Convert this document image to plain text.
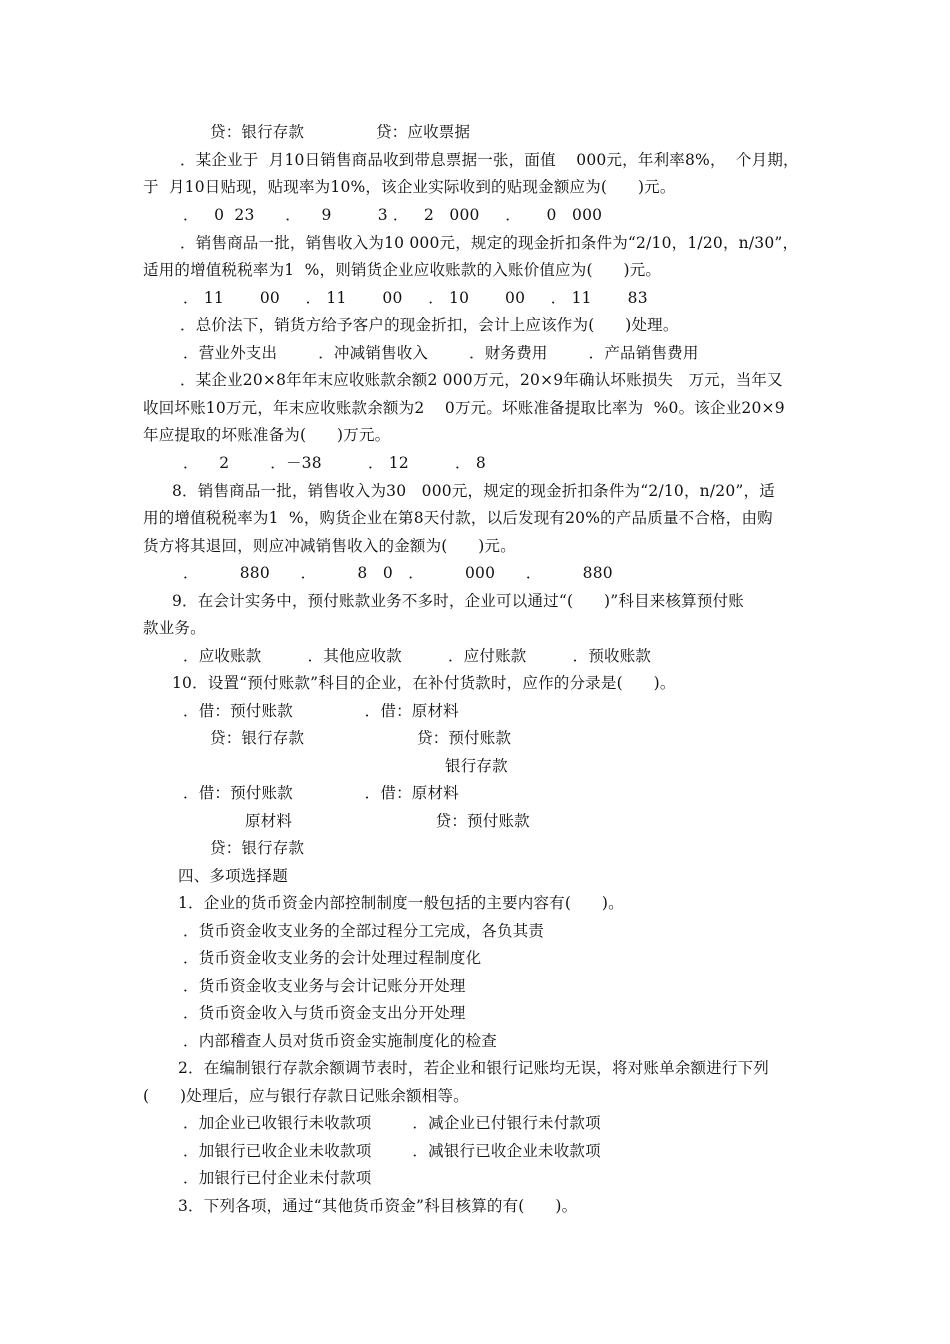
贷：银行存款              贷：应收票据
．某企业于  月10日销售商品收到带息票据一张，面值    000元，年利率8%，  个月期，
于  月10日贴现，贴现率为10%，该企业实际收到的贴现金额应为(      )元。
．   0  23      ．    9         3 ．   2   000     ．     0   000
．销售商品一批，销售收入为10 000元，规定的现金折扣条件为“2/10，1/20，n/30”，
适用的增值税税率为1  %，则销货企业应收账款的入账价值应为(      )元。
． 11       00     ． 11       00     ． 10       00     ． 11       83
．总价法下，销货方给予客户的现金折扣，会计上应该作为(      )处理。
．营业外支出        ．冲减销售收入        ．财务费用        ．产品销售费用
．某企业20×8年年末应收账款余额2 000万元，20×9年确认坏账损失   万元，当年又
收回坏账10万元，年末应收账款余额为2    0万元。坏账准备提取比率为  %0。该企业20×9
年应提取的坏账准备为(      )万元。
．    2        ．－38         ． 12         ． 8
8．销售商品一批，销售收入为30   000元，规定的现金折扣条件为“2/10，n/20”，适
用的增值税税率为1  %，购货企业在第8天付款，以后发现有20%的产品质量不合格，由购
货方将其退回，则应冲减销售收入的金额为(      )元。
．        880      ．        8   0   ．        000      ．        880
9．在会计实务中，预付账款业务不多时，企业可以通过“(      )”科目来核算预付账
款业务。
．应收账款         ．其他应收款         ．应付账款         ．预收账款
10．设置“预付账款”科目的企业，在补付货款时，应作的分录是(      )。
．借：预付账款              ．借：原材料
贷：银行存款                      贷：预付账款
银行存款
．借：预付账款              ．借：原材料
原材料                            贷：预付账款
贷：银行存款
四、多项选择题
1．企业的货币资金内部控制制度一般包括的主要内容有(      )。
．货币资金收支业务的全部过程分工完成，各负其责
．货币资金收支业务的会计处理过程制度化
．货币资金收支业务与会计记账分开处理
．货币资金收入与货币资金支出分开处理
．内部稽查人员对货币资金实施制度化的检查
2．在编制银行存款余额调节表时，若企业和银行记账均无误，将对账单余额进行下列
(      )处理后，应与银行存款日记账余额相等。
．加企业已收银行未收款项        ．减企业已付银行未付款项
．加银行已收企业未收款项        ．减银行已收企业未收款项
．加银行已付企业未付款项
3．下列各项，通过“其他货币资金”科目核算的有(      )。
